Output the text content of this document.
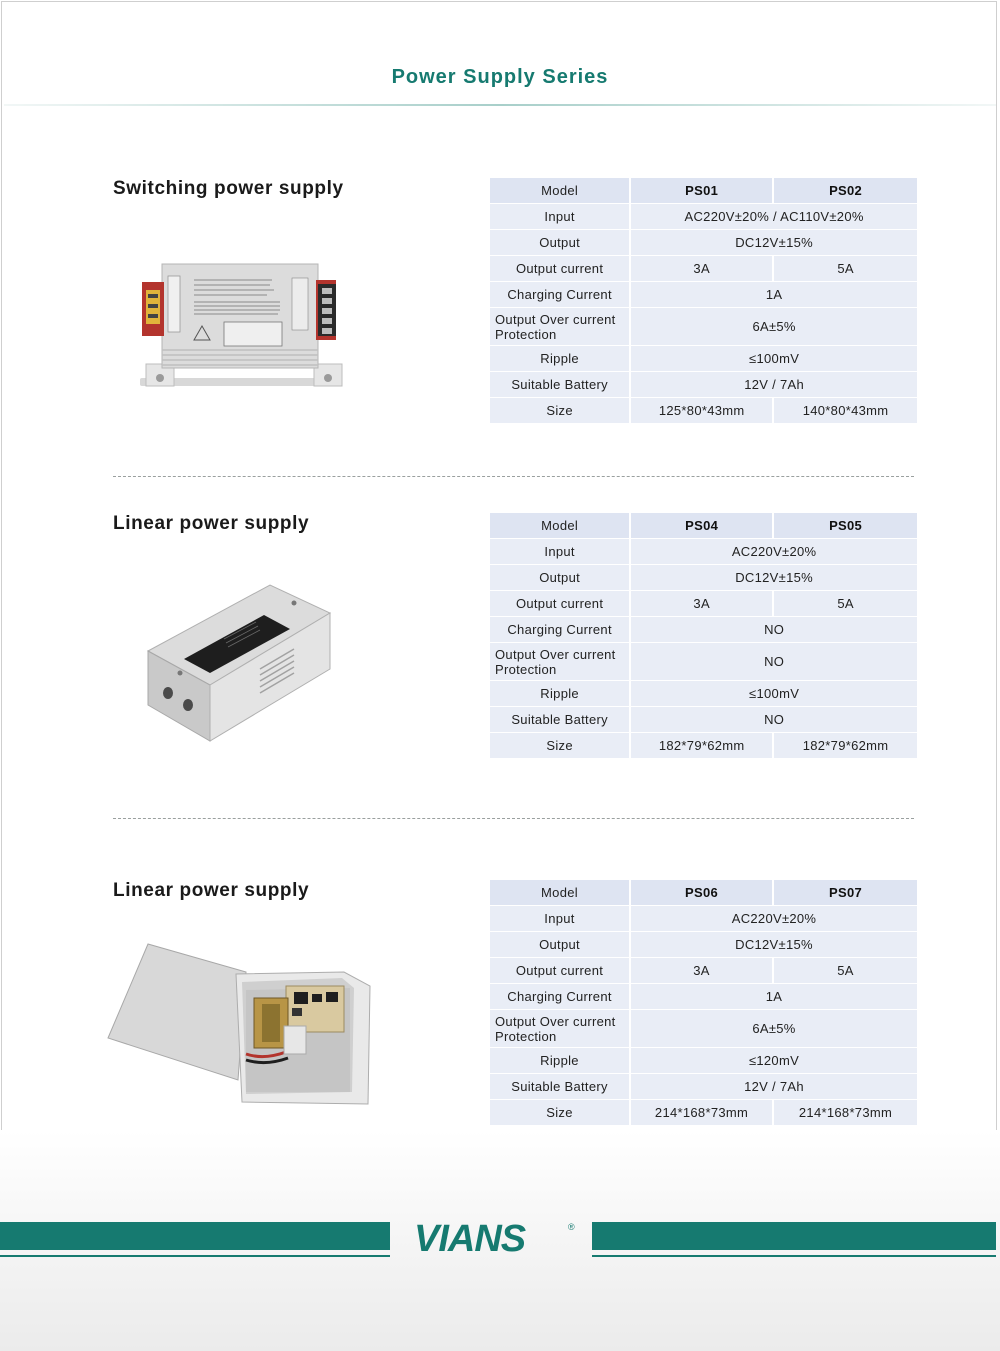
Power Supply Series
Switching power supply	Model	PS01	PS02
Input	AC220V±20% / AC110V±20%	
Output	DC12V±15%	
Output current	3A	5A
Charging Current	1A	
Output Over current Protection	6A±5%	
Ripple	≤100mV	
Suitable Battery	12V / 7Ah	
Size	125*80*43mm	140*80*43mm
Linear power supply	Model	PS04	PS05
Input	AC220V±20%	
Output	DC12V±15%	
Output current	3A	5A
Charging Current	NO	
Output Over current Protection	NO	
Ripple	≤100mV	
Suitable Battery	NO	
Size	182*79*62mm	182*79*62mm
Linear power supply	Model	PS06	PS07
Input	AC220V±20%	
Output	DC12V±15%	
Output current	3A	5A
Charging Current	1A	
Output Over current Protection	6A±5%	
Ripple	≤120mV	
Suitable Battery	12V / 7Ah	
Size	214*168*73mm	214*168*73mm
VIANS	®
